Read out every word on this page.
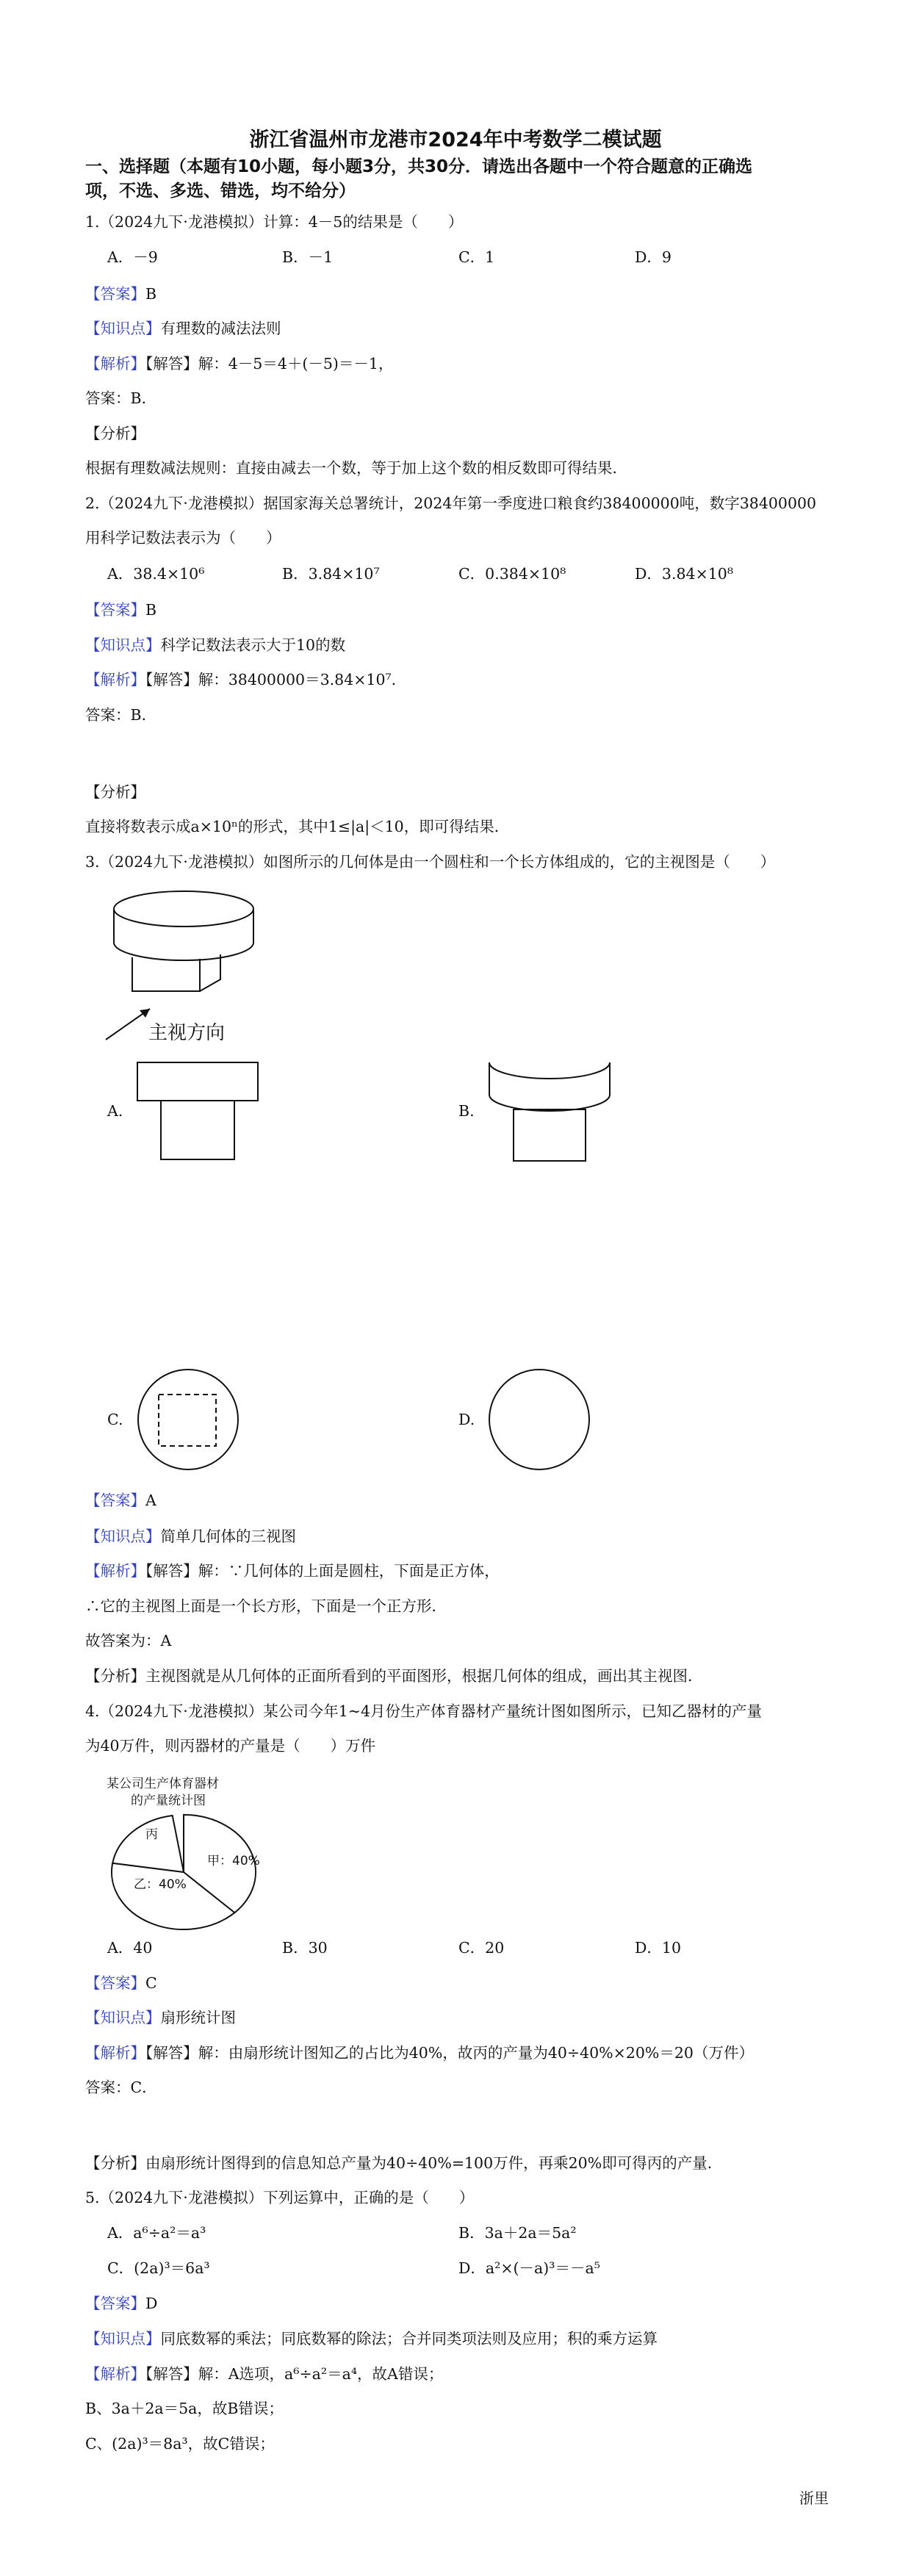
浙江省温州市龙港市2024年中考数学二模试题
一、选择题（本题有10小题，每小题3分，共30分．请选出各题中一个符合题意的正确选
项，不选、多选、错选，均不给分）
1.（2024九下·龙港模拟）计算：4－5的结果是（　　）
A．－9	B．－1	C．1	D．9
【答案】B
【知识点】有理数的减法法则
【解析】【解答】解：4－5＝4＋(－5)＝－1，
答案：B．
【分析】
根据有理数减法规则：直接由减去一个数，等于加上这个数的相反数即可得结果．
2.（2024九下·龙港模拟）据国家海关总署统计，2024年第一季度进口粮食约38400000吨，数字38400000
用科学记数法表示为（　　）
A．38.4×10⁶	B．3.84×10⁷	C．0.384×10⁸	D．3.84×10⁸
【答案】B
【知识点】科学记数法表示大于10的数
【解析】【解答】解：38400000＝3.84×10⁷．
答案：B．
【分析】
直接将数表示成a×10ⁿ的形式，其中1≤|a|＜10，即可得结果．
3.（2024九下·龙港模拟）如图所示的几何体是由一个圆柱和一个长方体组成的，它的主视图是（　　）
主视方向
A.	B.
C.	D.
【答案】A
【知识点】简单几何体的三视图
【解析】【解答】解：∵几何体的上面是圆柱，下面是正方体，
∴它的主视图上面是一个长方形，下面是一个正方形．
故答案为：A
【分析】主视图就是从几何体的正面所看到的平面图形，根据几何体的组成，画出其主视图．
4.（2024九下·龙港模拟）某公司今年1~4月份生产体育器材产量统计图如图所示，已知乙器材的产量
为40万件，则丙器材的产量是（　　）万件
某公司生产体育器材
的产量统计图
甲：40%
乙：40%
丙
A．40	B．30	C．20	D．10
【答案】C
【知识点】扇形统计图
【解析】【解答】解：由扇形统计图知乙的占比为40%，故丙的产量为40÷40%×20%＝20（万件）
答案：C．
【分析】由扇形统计图得到的信息知总产量为40÷40%=100万件，再乘20%即可得丙的产量．
5.（2024九下·龙港模拟）下列运算中，正确的是（　　）
A．a⁶÷a²＝a³	B．3a＋2a＝5a²
C．(2a)³＝6a³	D．a²×(－a)³＝－a⁵
【答案】D
【知识点】同底数幂的乘法；同底数幂的除法；合并同类项法则及应用；积的乘方运算
【解析】【解答】解：A选项，a⁶÷a²＝a⁴，故A错误；
B、3a＋2a＝5a，故B错误；
C、(2a)³＝8a³，故C错误；
浙里
